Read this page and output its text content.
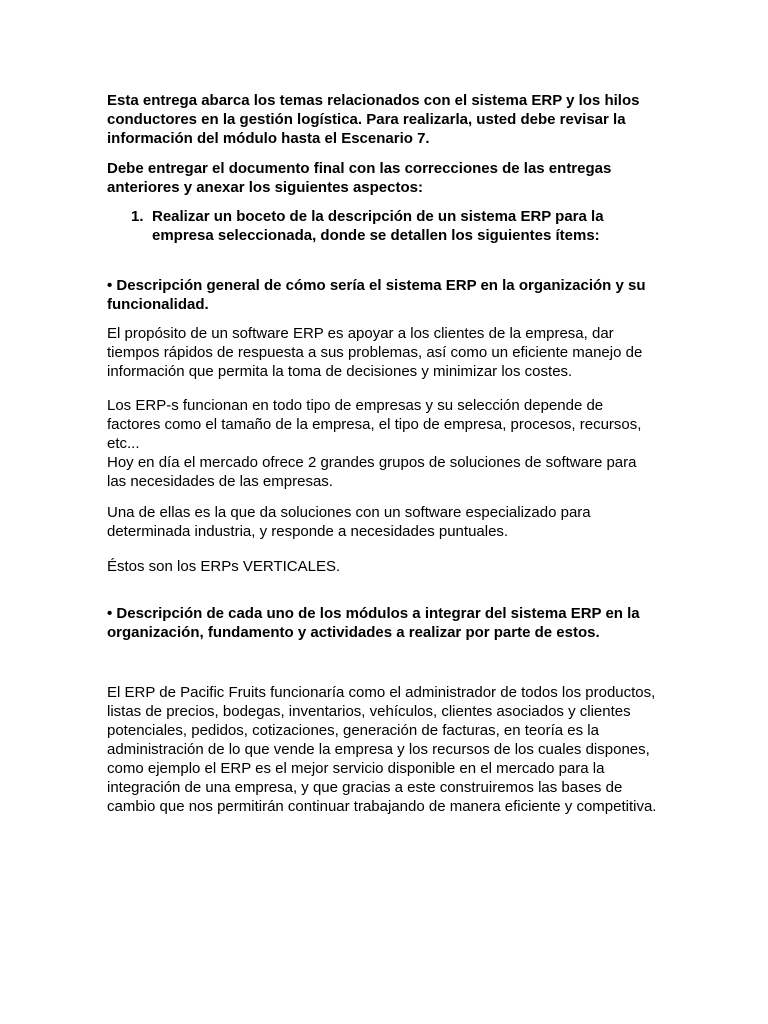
Esta entrega abarca los temas relacionados con el sistema ERP y los hilos
conductores en la gestión logística. Para realizarla, usted debe revisar la
información del módulo hasta el Escenario 7.
Debe entregar el documento final con las correcciones de las entregas
anteriores y anexar los siguientes aspectos:
1. Realizar un boceto de la descripción de un sistema ERP para la
empresa seleccionada, donde se detallen los siguientes ítems:
• Descripción general de cómo sería el sistema ERP en la organización y su
funcionalidad.
El propósito de un software ERP es apoyar a los clientes de la empresa, dar
tiempos rápidos de respuesta a sus problemas, así como un eficiente manejo de
información que permita la toma de decisiones y minimizar los costes.
Los ERP-s funcionan en todo tipo de empresas y su selección depende de
factores como el tamaño de la empresa, el tipo de empresa, procesos, recursos,
etc...
Hoy en día el mercado ofrece 2 grandes grupos de soluciones de software para
las necesidades de las empresas.
Una de ellas es la que da soluciones con un software especializado para
determinada industria, y responde a necesidades puntuales.
Éstos son los ERPs VERTICALES.
• Descripción de cada uno de los módulos a integrar del sistema ERP en la
organización, fundamento y actividades a realizar por parte de estos.
El ERP de Pacific Fruits funcionaría como el administrador de todos los productos,
listas de precios, bodegas, inventarios, vehículos, clientes asociados y clientes
potenciales, pedidos, cotizaciones, generación de facturas, en teoría es la
administración de lo que vende la empresa y los recursos de los cuales dispones,
como ejemplo el ERP es el mejor servicio disponible en el mercado para la
integración de una empresa, y que gracias a este construiremos las bases de
cambio que nos permitirán continuar trabajando de manera eficiente y competitiva.
